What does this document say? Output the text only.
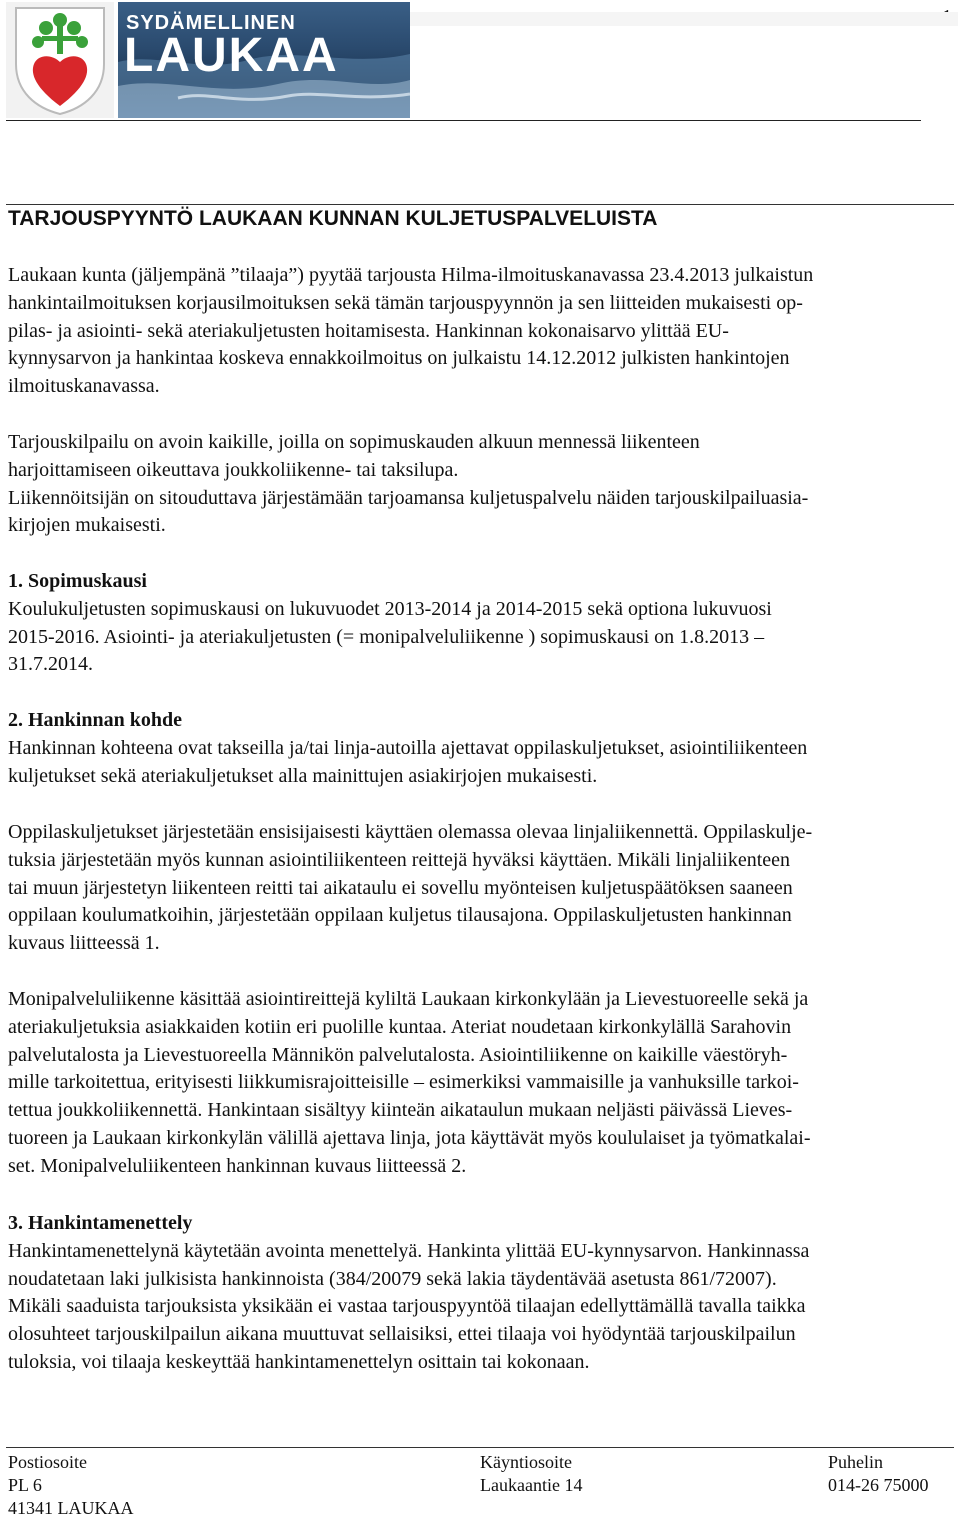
SYDÄMELLINEN
LAUKAA
TARJOUSPYYNTÖ LAUKAAN KUNNAN KULJETUSPALVELUISTA

Laukaan kunta (jäljempänä ”tilaaja”) pyytää tarjousta Hilma-ilmoituskanavassa 23.4.2013 julkaistun

hankintailmoituksen korjausilmoituksen sekä tämän tarjouspyynnön ja sen liitteiden mukaisesti op-

pilas- ja asiointi- sekä ateriakuljetusten hoitamisesta. Hankinnan kokonaisarvo ylittää EU-

kynnysarvon ja hankintaa koskeva ennakkoilmoitus on julkaistu 14.12.2012 julkisten hankintojen

ilmoituskanavassa.

Tarjouskilpailu on avoin kaikille, joilla on sopimuskauden alkuun mennessä liikenteen

harjoittamiseen oikeuttava joukkoliikenne- tai taksilupa.

Liikennöitsijän on sitouduttava järjestämään tarjoamansa kuljetuspalvelu näiden tarjouskilpailuasia-

kirjojen mukaisesti.

1. Sopimuskausi

Koulukuljetusten sopimuskausi on lukuvuodet 2013-2014 ja 2014-2015 sekä optiona lukuvuosi

2015-2016. Asiointi- ja ateriakuljetusten (= monipalveluliikenne ) sopimuskausi on 1.8.2013 –

31.7.2014.

2. Hankinnan kohde

Hankinnan kohteena ovat takseilla ja/tai linja-autoilla ajettavat oppilaskuljetukset, asiointiliikenteen

kuljetukset sekä ateriakuljetukset alla mainittujen asiakirjojen mukaisesti.

Oppilaskuljetukset järjestetään ensisijaisesti käyttäen olemassa olevaa linjaliikennettä. Oppilaskulje-

tuksia järjestetään myös kunnan asiointiliikenteen reittejä hyväksi käyttäen. Mikäli linjaliikenteen

tai muun järjestetyn liikenteen reitti tai aikataulu ei sovellu myönteisen kuljetuspäätöksen saaneen

oppilaan koulumatkoihin, järjestetään oppilaan kuljetus tilausajona. Oppilaskuljetusten hankinnan

kuvaus liitteessä 1.

Monipalveluliikenne käsittää asiointireittejä kyliltä Laukaan kirkonkylään ja Lievestuoreelle sekä ja

ateriakuljetuksia asiakkaiden kotiin eri puolille kuntaa. Ateriat noudetaan kirkonkylällä Sarahovin

palvelutalosta ja Lievestuoreella Männikön palvelutalosta. Asiointiliikenne on kaikille väestöryh-

mille tarkoitettua, erityisesti liikkumisrajoitteisille – esimerkiksi vammaisille ja vanhuksille tarkoi-

tettua joukkoliikennettä. Hankintaan sisältyy kiinteän aikataulun mukaan neljästi päivässä Lieves-

tuoreen ja Laukaan kirkonkylän välillä ajettava linja, jota käyttävät myös koululaiset ja työmatkalai-

set. Monipalveluliikenteen hankinnan kuvaus liitteessä 2.

3. Hankintamenettely

Hankintamenettelynä käytetään avointa menettelyä. Hankinta ylittää EU-kynnysarvon. Hankinnassa

noudatetaan laki julkisista hankinnoista (384/20079 sekä lakia täydentävää asetusta 861/72007).

Mikäli saaduista tarjouksista yksikään ei vastaa tarjouspyyntöä tilaajan edellyttämällä tavalla taikka

olosuhteet tarjouskilpailun aikana muuttuvat sellaisiksi, ettei tilaaja voi hyödyntää tarjouskilpailun

tuloksia, voi tilaaja keskeyttää hankintamenettelyn osittain tai kokonaan.

Postiosoite
PL 6
41341 LAUKAA
Käyntiosoite
Laukaantie 14
Puhelin
014-26 75000
